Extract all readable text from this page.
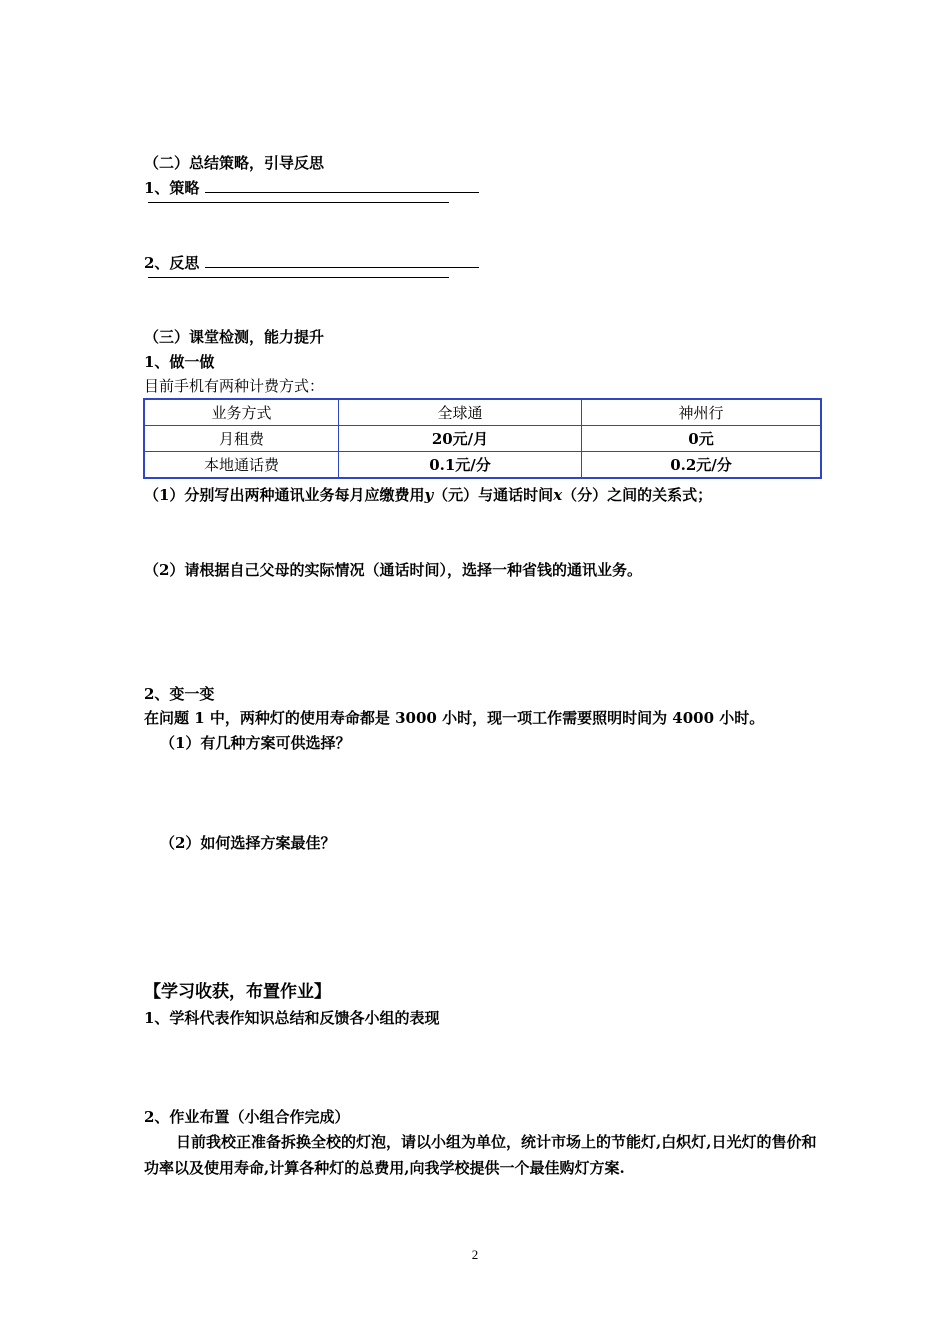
（二）总结策略，引导反思
1、策略
2、反思
（三）课堂检测，能力提升
1、做一做
目前手机有两种计费方式：
业务方式	全球通	神州行
月租费	20元/月	0元
本地通话费	0.1元/分	0.2元/分
（1）分别写出两种通讯业务每月应缴费用y（元）与通话时间x（分）之间的关系式；
（2）请根据自己父母的实际情况（通话时间），选择一种省钱的通讯业务。
2、变一变
在问题 1 中，两种灯的使用寿命都是 3000 小时，现一项工作需要照明时间为 4000 小时。
（1）有几种方案可供选择？
（2）如何选择方案最佳？
【学习收获，布置作业】
1、学科代表作知识总结和反馈各小组的表现
2、作业布置（小组合作完成）
日前我校正准备拆换全校的灯泡，请以小组为单位，统计市场上的节能灯,白炽灯,日光灯的售价和功率以及使用寿命,计算各种灯的总费用,向我学校提供一个最佳购灯方案.
2
